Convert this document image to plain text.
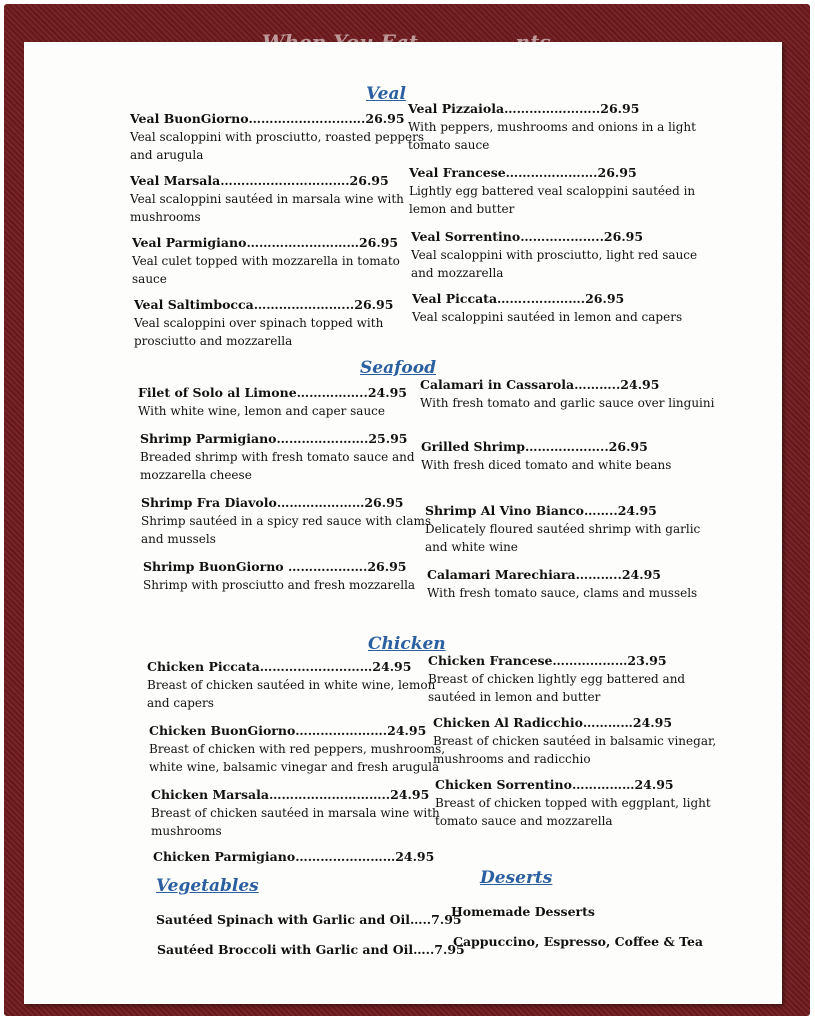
Veal
Veal BuonGiorno……………………….26.95
Veal scaloppini with prosciutto, roasted peppers and arugula
Veal Marsala………………………….26.95
Veal scaloppini sautéed in marsala wine with mushrooms
Veal Parmigiano………………………26.95
Veal culet topped with mozzarella in tomato sauce
Veal Saltimbocca…………………...26.95
Veal scaloppini over spinach topped with prosciutto and mozzarella
Veal Pizzaiola…………………..26.95
With peppers, mushrooms and onions in a light tomato sauce
Veal Francese………………….26.95
Lightly egg battered veal scaloppini sautéed in lemon and butter
Veal Sorrentino………………..26.95
Veal scaloppini with prosciutto, light red sauce and mozzarella
Veal Piccata……..………….26.95
Veal scaloppini sautéed in lemon and capers
Seafood
Filet of Solo al Limone……………..24.95
With white wine, lemon and caper sauce
Shrimp Parmigiano………………….25.95
Breaded shrimp with fresh tomato sauce and mozzarella cheese
Shrimp Fra Diavolo…………………26.95
Shrimp sautéed in a spicy red sauce with clams and mussels
Shrimp BuonGiorno ……………….26.95
Shrimp with prosciutto and fresh mozzarella
Calamari in Cassarola………..24.95
With fresh tomato and garlic sauce over linguini
Grilled Shrimp………………..26.95
With fresh diced tomato and white beans
Shrimp Al Vino Bianco……..24.95
Delicately floured sautéed shrimp with garlic and white wine
Calamari Marechiara………..24.95
With fresh tomato sauce, clams and mussels
Chicken
Chicken Piccata………………………24.95
Breast of chicken sautéed in white wine, lemon and capers
Chicken BuonGiorno………………….24.95
Breast of chicken with red peppers, mushrooms, white wine, balsamic vinegar and fresh arugula
Chicken Marsala………………………..24.95
Breast of chicken sautéed in marsala wine with mushrooms
Chicken Parmigiano……………………24.95
Chicken Francese………………23.95
Breast of chicken lightly egg battered and sautéed in lemon and butter
Chicken Al Radicchio…………24.95
Breast of chicken sautéed in balsamic vinegar, mushrooms and radicchio
Chicken Sorrentino……………24.95
Breast of chicken topped with eggplant, light tomato sauce and mozzarella
Vegetables
Sautéed Spinach with Garlic and Oil…..7.95
Sautéed Broccoli with Garlic and Oil…..7.95
Deserts
Homemade Desserts
Cappuccino, Espresso, Coffee & Tea
